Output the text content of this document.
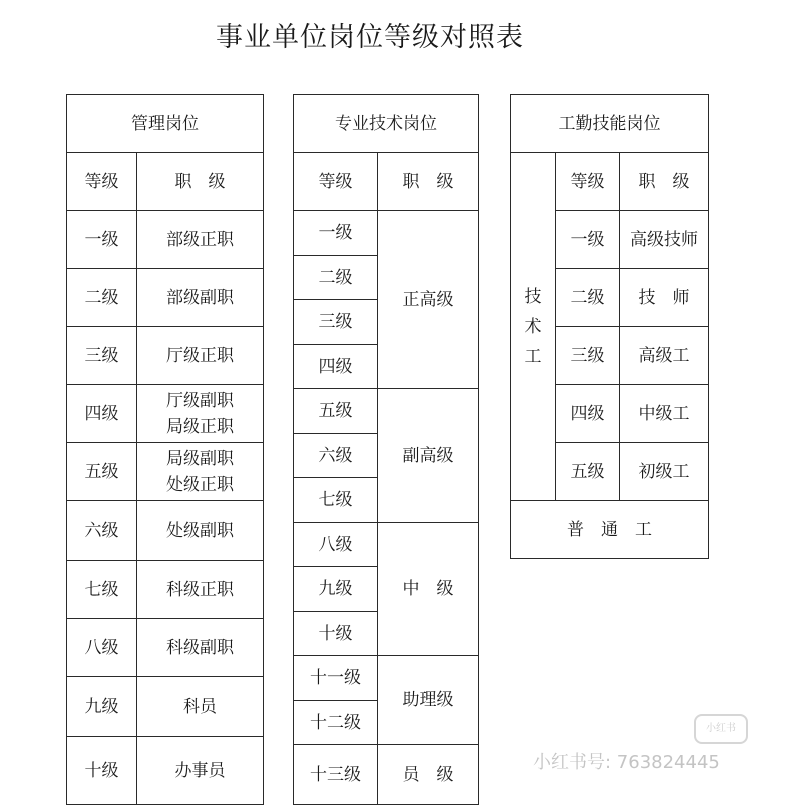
事业单位岗位等级对照表
管理岗位	
等级	职　级
一级	部级正职
二级	部级副职
三级	厅级正职
四级	厅级副职
局级正职

五级	局级副职
处级正职

六级	处级副职
七级	科级正职
八级	科级副职
九级	科员
十级	办事员
专业技术岗位	
等级	职　级
一级	正高级
二级	
三级	
四级	
五级	副高级
六级	
七级	
八级	中　级
九级	
十级	
十一级	助理级
十二级	
十三级	员　级
工勤技能岗位		
技术工	等级	职　级
	一级	高级技师
	二级	技　师
	三级	高级工
	四级	中级工
	五级	初级工
普　通　工		
小红书
小红书号: 763824445
